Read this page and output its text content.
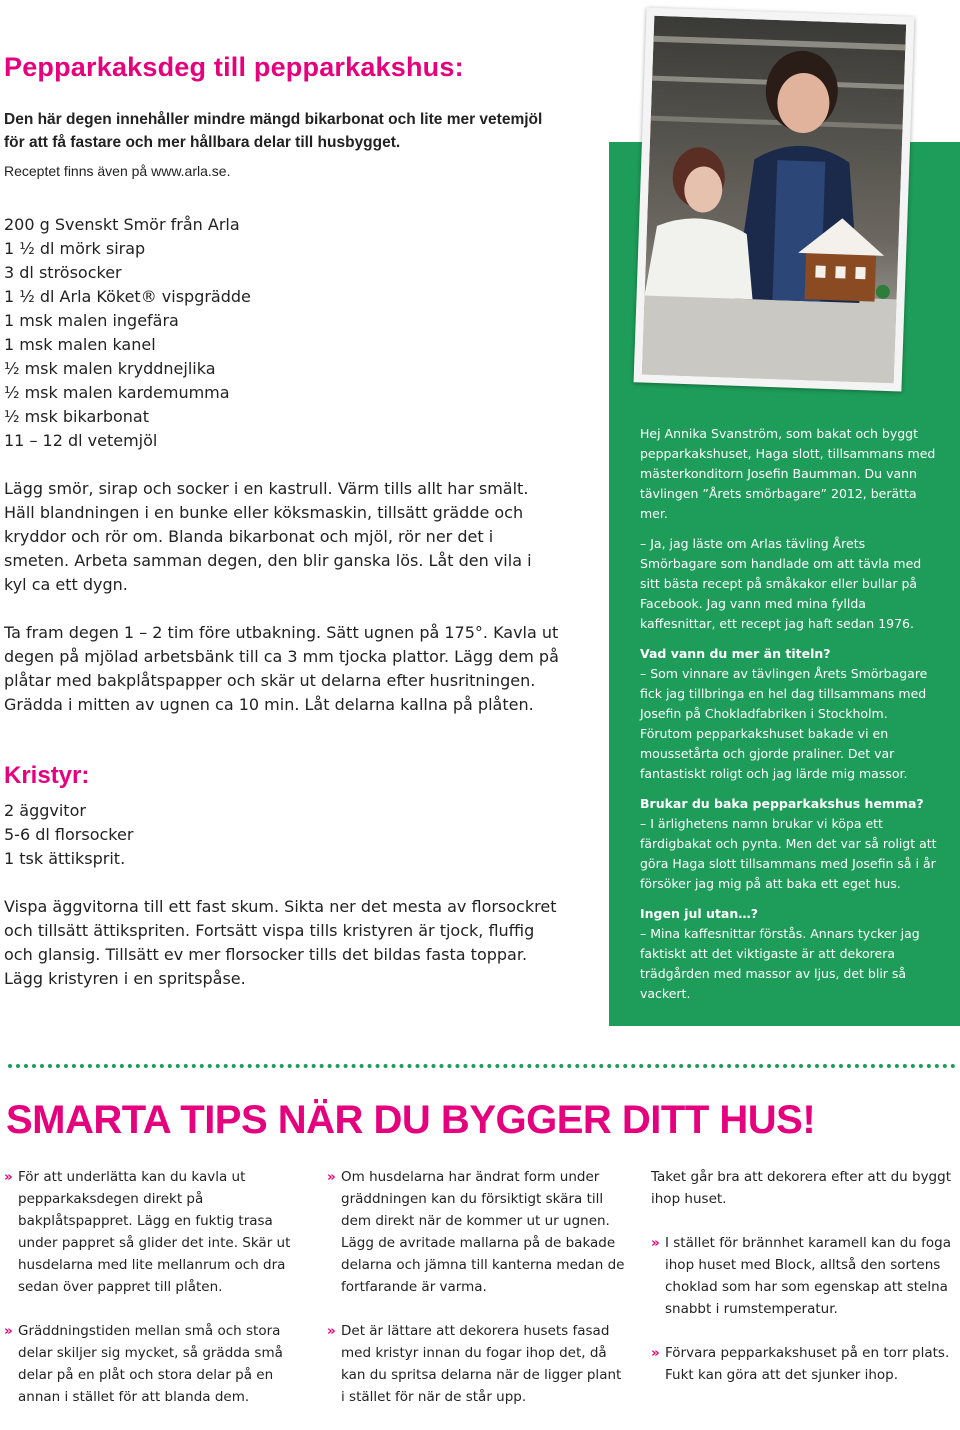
Pepparkaksdeg till pepparkakshus:

Den här degen innehåller mindre mängd bikarbonat och lite mer vetemjöl för att få fastare och mer hållbara delar till husbygget.

Receptet finns även på www.arla.se.

200 g Svenskt Smör från Arla
1 ½ dl mörk sirap
3 dl strösocker
1 ½ dl Arla Köket® vispgrädde
1 msk malen ingefära
1 msk malen kanel
½ msk malen kryddnejlika
½ msk malen kardemumma
½ msk bikarbonat
11 – 12 dl vetemjöl

Lägg smör, sirap och socker i en kastrull. Värm tills allt har smält. Häll blandningen i en bunke eller köksmaskin, tillsätt grädde och kryddor och rör om. Blanda bikarbonat och mjöl, rör ner det i smeten. Arbeta samman degen, den blir ganska lös. Låt den vila i kyl ca ett dygn.

Ta fram degen 1 – 2 tim före utbakning. Sätt ugnen på 175°. Kavla ut degen på mjölad arbetsbänk till ca 3 mm tjocka plattor. Lägg dem på plåtar med bakplåtspapper och skär ut delarna efter husritningen. Grädda i mitten av ugnen ca 10 min. Låt delarna kallna på plåten.

Kristyr:
2 äggvitor
5-6 dl florsocker
1 tsk ättiksprit.

Vispa äggvitorna till ett fast skum. Sikta ner det mesta av florsockret och tillsätt ättikspriten. Fortsätt vispa tills kristyren är tjock, fluffig och glansig. Tillsätt ev mer florsocker tills det bildas fasta toppar. Lägg kristyren i en spritspåse.

Hej Annika Svanström, som bakat och byggt pepparkakshuset, Haga slott, tillsammans med mästerkonditorn Josefin Baumman. Du vann tävlingen ”Årets smörbagare” 2012, berätta mer.

– Ja, jag läste om Arlas tävling Årets Smörbagare som handlade om att tävla med sitt bästa recept på småkakor eller bullar på Facebook. Jag vann med mina fyllda kaffesnittar, ett recept jag haft sedan 1976.

Vad vann du mer än titeln?
– Som vinnare av tävlingen Årets Smörbagare fick jag tillbringa en hel dag tillsammans med Josefin på Chokladfabriken i Stockholm. Förutom pepparkakshuset bakade vi en moussetårta och gjorde praliner. Det var fantastiskt roligt och jag lärde mig massor.

Brukar du baka pepparkakshus hemma?
– I ärlighetens namn brukar vi köpa ett färdigbakat och pynta. Men det var så roligt att göra Haga slott tillsammans med Josefin så i år försöker jag mig på att baka ett eget hus.

Ingen jul utan…?
– Mina kaffesnittar förstås. Annars tycker jag faktiskt att det viktigaste är att dekorera trädgården med massor av ljus, det blir så vackert.

SMARTA TIPS NÄR DU BYGGER DITT HUS!

» För att underlätta kan du kavla ut pepparkaksdegen direkt på bakplåtspappret. Lägg en fuktig trasa under pappret så glider det inte. Skär ut husdelarna med lite mellanrum och dra sedan över pappret till plåten.

» Gräddningstiden mellan små och stora delar skiljer sig mycket, så grädda små delar på en plåt och stora delar på en annan i stället för att blanda dem.

» Om husdelarna har ändrat form under gräddningen kan du försiktigt skära till dem direkt när de kommer ut ur ugnen. Lägg de avritade mallarna på de bakade delarna och jämna till kanterna medan de fortfarande är varma.

» Det är lättare att dekorera husets fasad med kristyr innan du fogar ihop det, då kan du spritsa delarna när de ligger plant i stället för när de står upp.

Taket går bra att dekorera efter att du byggt ihop huset.

» I stället för brännhet karamell kan du foga ihop huset med Block, alltså den sortens choklad som har som egenskap att stelna snabbt i rumstemperatur.

» Förvara pepparkakshuset på en torr plats. Fukt kan göra att det sjunker ihop.
